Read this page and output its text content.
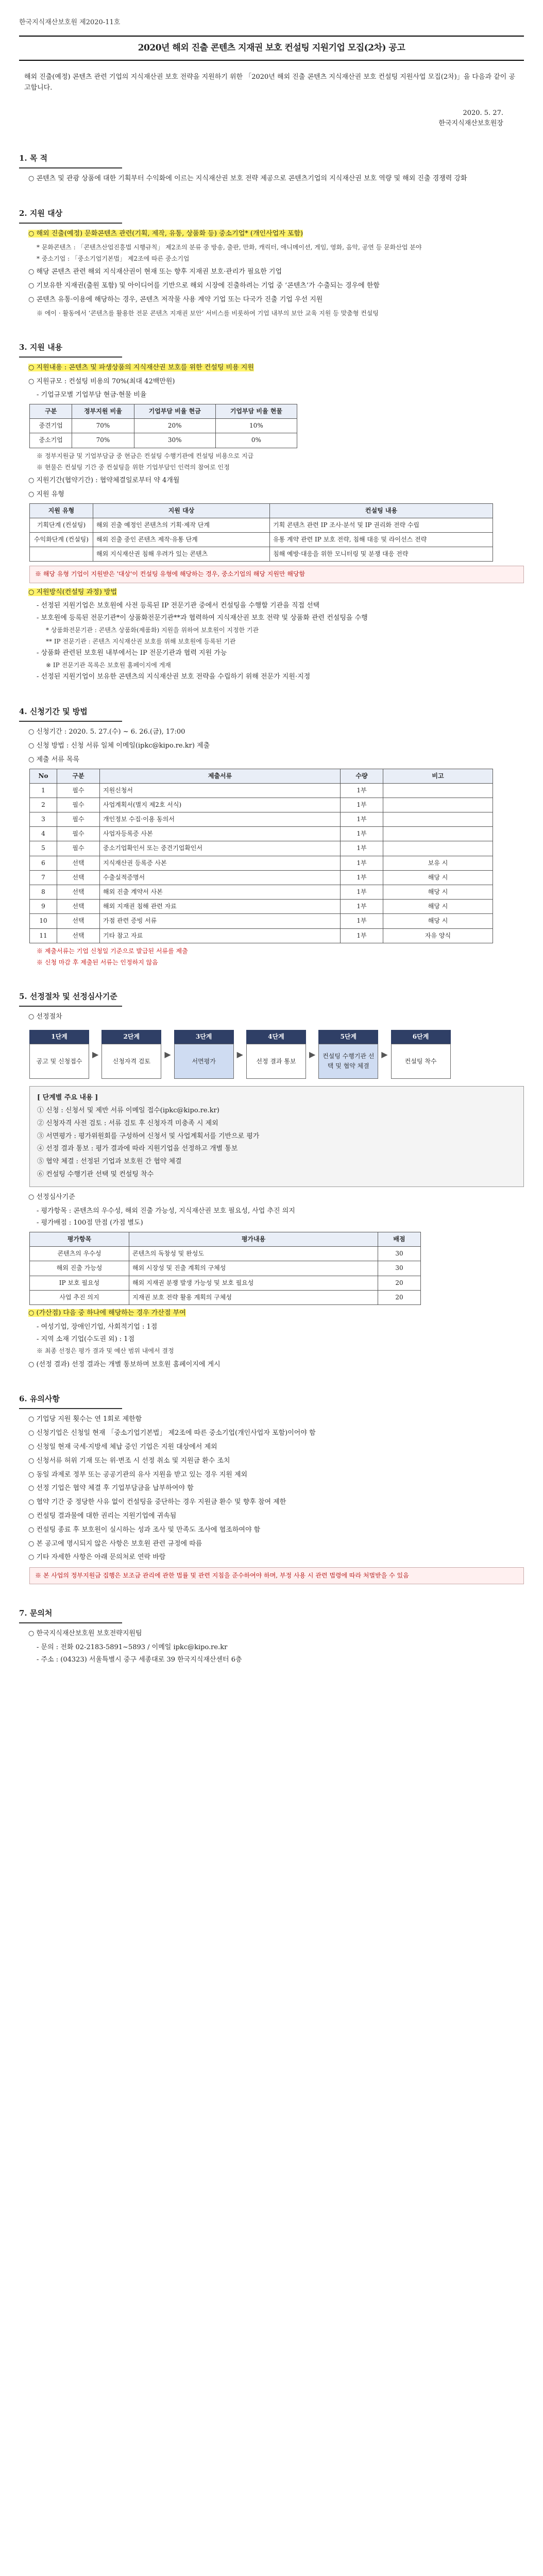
한국지식재산보호원 제2020-11호
2020년 해외 진출 콘텐츠 지재권 보호 컨설팅 지원기업 모집(2차) 공고

해외 진출(예정) 콘텐츠 관련 기업의 지식재산권 보호 전략을 지원하기 위한 「2020년 해외 진출 콘텐츠 지식재산권 보호 컨설팅 지원사업 모집(2차)」을 다음과 같이 공고합니다.

2020. 5. 27.
한국지식재산보호원장
1. 목 적

○ 콘텐츠 및 관광 상품에 대한 기획부터 수익화에 이르는 지식재산권 보호 전략 제공으로 콘텐츠기업의 지식재산권 보호 역량 및 해외 진출 경쟁력 강화

2. 지원 대상

○ 해외 진출(예정) 문화콘텐츠 관련(기획, 제작, 유통, 상품화 등) 중소기업* (개인사업자 포함)

* 문화콘텐츠 : 「콘텐츠산업진흥법 시행규칙」 제2조의 분류 중 방송, 출판, 만화, 캐릭터, 애니메이션, 게임, 영화, 음악, 공연 등 문화산업 분야

* 중소기업 : 「중소기업기본법」 제2조에 따른 중소기업

○ 해당 콘텐츠 관련 해외 지식재산권이 현재 또는 향후 지재권 보호·관리가 필요한 기업

○ 기보유한 지재권(출원 포함) 및 아이디어를 기반으로 해외 시장에 진출하려는 기업 중 ‘콘텐츠’가 수출되는 경우에 한함

○ 콘텐츠 유통·이용에 해당하는 경우, 콘텐츠 저작물 사용 계약 기업 또는 다국가 진출 기업 우선 지원

※ 에이 · 활동에서 ‘콘텐츠를 활용한 전문 콘텐츠 지재권 보안’ 서비스를 비롯하여 기업 내부의 보안 교육 지원 등 맞춤형 컨설팅

3. 지원 내용

○ 지원내용 : 콘텐츠 및 파생상품의 지식재산권 보호를 위한 컨설팅 비용 지원

○ 지원규모 : 컨설팅 비용의 70%(최대 42백만원)

- 기업규모별 기업부담 현금·현물 비율

구분	정부지원 비율	기업부담 비율 현금	기업부담 비율 현물
중견기업	70%	20%	10%
중소기업	70%	30%	0%

※ 정부지원금 및 기업부담금 중 현금은 컨설팅 수행기관에 컨설팅 비용으로 지급

※ 현물은 컨설팅 기간 중 컨설팅을 위한 기업부담인 인력의 참여로 인정

○ 지원기간(협약기간) : 협약체결일로부터 약 4개월

○ 지원 유형

지원 유형	지원 대상	컨설팅 내용
기획단계 (컨설팅)	해외 진출 예정인 콘텐츠의 기획·제작 단계	기획 콘텐츠 관련 IP 조사·분석 및 IP 권리화 전략 수립
수익화단계 (컨설팅)	해외 진출 중인 콘텐츠 제작·유통 단계	유통 계약 관련 IP 보호 전략, 침해 대응 및 라이선스 전략
	해외 지식재산권 침해 우려가 있는 콘텐츠	침해 예방·대응을 위한 모니터링 및 분쟁 대응 전략
※ 해당 유형 기업이 지원받은 '대상'이 컨설팅 유형에 해당하는 경우, 중소기업의 해당 지원만 해당함

○ 지원방식(컨설팅 과정) 방법

- 선정된 지원기업은 보호원에 사전 등록된 IP 전문기관 중에서 컨설팅을 수행할 기관을 직접 선택

- 보호원에 등록된 전문기관*이 상품화전문기관**과 협력하여 지식재산권 보호 전략 및 상품화 관련 컨설팅을 수행

* 상품화전문기관 : 콘텐츠 상품화(제품화) 지원을 위하여 보호원이 지정한 기관

** IP 전문기관 : 콘텐츠 지식재산권 보호를 위해 보호원에 등록된 기관

- 상품화 관련된 보호원 내부에서는 IP 전문기관과 협력 지원 가능

※ IP 전문기관 목록은 보호원 홈페이지에 게재

- 선정된 지원기업이 보유한 콘텐츠의 지식재산권 보호 전략을 수립하기 위해 전문가 지원·지정

4. 신청기간 및 방법

○ 신청기간 : 2020. 5. 27.(수) ~ 6. 26.(금), 17:00

○ 신청 방법 : 신청 서류 일체 이메일(ipkc@kipo.re.kr) 제출

○ 제출 서류 목록

No	구분	제출서류	수량	비고
1	필수	지원신청서	1부	
2	필수	사업계획서(별지 제2호 서식)	1부	
3	필수	개인정보 수집·이용 동의서	1부	
4	필수	사업자등록증 사본	1부	
5	필수	중소기업확인서 또는 중견기업확인서	1부	
6	선택	지식재산권 등록증 사본	1부	보유 시
7	선택	수출실적증명서	1부	해당 시
8	선택	해외 진출 계약서 사본	1부	해당 시
9	선택	해외 지재권 침해 관련 자료	1부	해당 시
10	선택	가점 관련 증빙 서류	1부	해당 시
11	선택	기타 참고 자료	1부	자유 양식

※ 제출서류는 기업 신청일 기준으로 발급된 서류를 제출

※ 신청 마감 후 제출된 서류는 인정하지 않음

5. 선정절차 및 선정심사기준

○ 선정절차

1단계
공고 및 신청접수
▶
2단계
신청자격 검토
▶
3단계
서면평가
▶
4단계
선정 결과 통보
▶
5단계
컨설팅 수행기관 선택 및 협약 체결
▶
6단계
컨설팅 착수

[ 단계별 주요 내용 ]

① 신청 : 신청서 및 제반 서류 이메일 접수(ipkc@kipo.re.kr)

② 신청자격 사전 검토 : 서류 검토 후 신청자격 미충족 시 제외

③ 서면평가 : 평가위원회를 구성하여 신청서 및 사업계획서를 기반으로 평가

④ 선정 결과 통보 : 평가 결과에 따라 지원기업을 선정하고 개별 통보

⑤ 협약 체결 : 선정된 기업과 보호원 간 협약 체결

⑥ 컨설팅 수행기관 선택 및 컨설팅 착수

○ 선정심사기준

- 평가항목 : 콘텐츠의 우수성, 해외 진출 가능성, 지식재산권 보호 필요성, 사업 추진 의지

- 평가배점 : 100점 만점 (가점 별도)

평가항목	평가내용	배점
콘텐츠의 우수성	콘텐츠의 독창성 및 완성도	30
해외 진출 가능성	해외 시장성 및 진출 계획의 구체성	30
IP 보호 필요성	해외 지재권 분쟁 발생 가능성 및 보호 필요성	20
사업 추진 의지	지재권 보호 전략 활용 계획의 구체성	20

○ (가산점) 다음 중 하나에 해당하는 경우 가산점 부여

- 여성기업, 장애인기업, 사회적기업 : 1점

- 지역 소재 기업(수도권 외) : 1점

※ 최종 선정은 평가 결과 및 예산 범위 내에서 결정

○ (선정 결과) 선정 결과는 개별 통보하며 보호원 홈페이지에 게시

6. 유의사항

○ 기업당 지원 횟수는 연 1회로 제한함

○ 신청기업은 신청일 현재 「중소기업기본법」 제2조에 따른 중소기업(개인사업자 포함)이어야 함

○ 신청일 현재 국세·지방세 체납 중인 기업은 지원 대상에서 제외

○ 신청서류 허위 기재 또는 위·변조 시 선정 취소 및 지원금 환수 조치

○ 동일 과제로 정부 또는 공공기관의 유사 지원을 받고 있는 경우 지원 제외

○ 선정 기업은 협약 체결 후 기업부담금을 납부하여야 함

○ 협약 기간 중 정당한 사유 없이 컨설팅을 중단하는 경우 지원금 환수 및 향후 참여 제한

○ 컨설팅 결과물에 대한 권리는 지원기업에 귀속됨

○ 컨설팅 종료 후 보호원이 실시하는 성과 조사 및 만족도 조사에 협조하여야 함

○ 본 공고에 명시되지 않은 사항은 보호원 관련 규정에 따름

○ 기타 자세한 사항은 아래 문의처로 연락 바람

※ 본 사업의 정부지원금 집행은 보조금 관리에 관한 법률 및 관련 지침을 준수하여야 하며, 부정 사용 시 관련 법령에 따라 처벌받을 수 있음
7. 문의처

○ 한국지식재산보호원 보호전략지원팀

- 문의 : 전화 02-2183-5891~5893 / 이메일 ipkc@kipo.re.kr

- 주소 : (04323) 서울특별시 중구 세종대로 39 한국지식재산센터 6층
